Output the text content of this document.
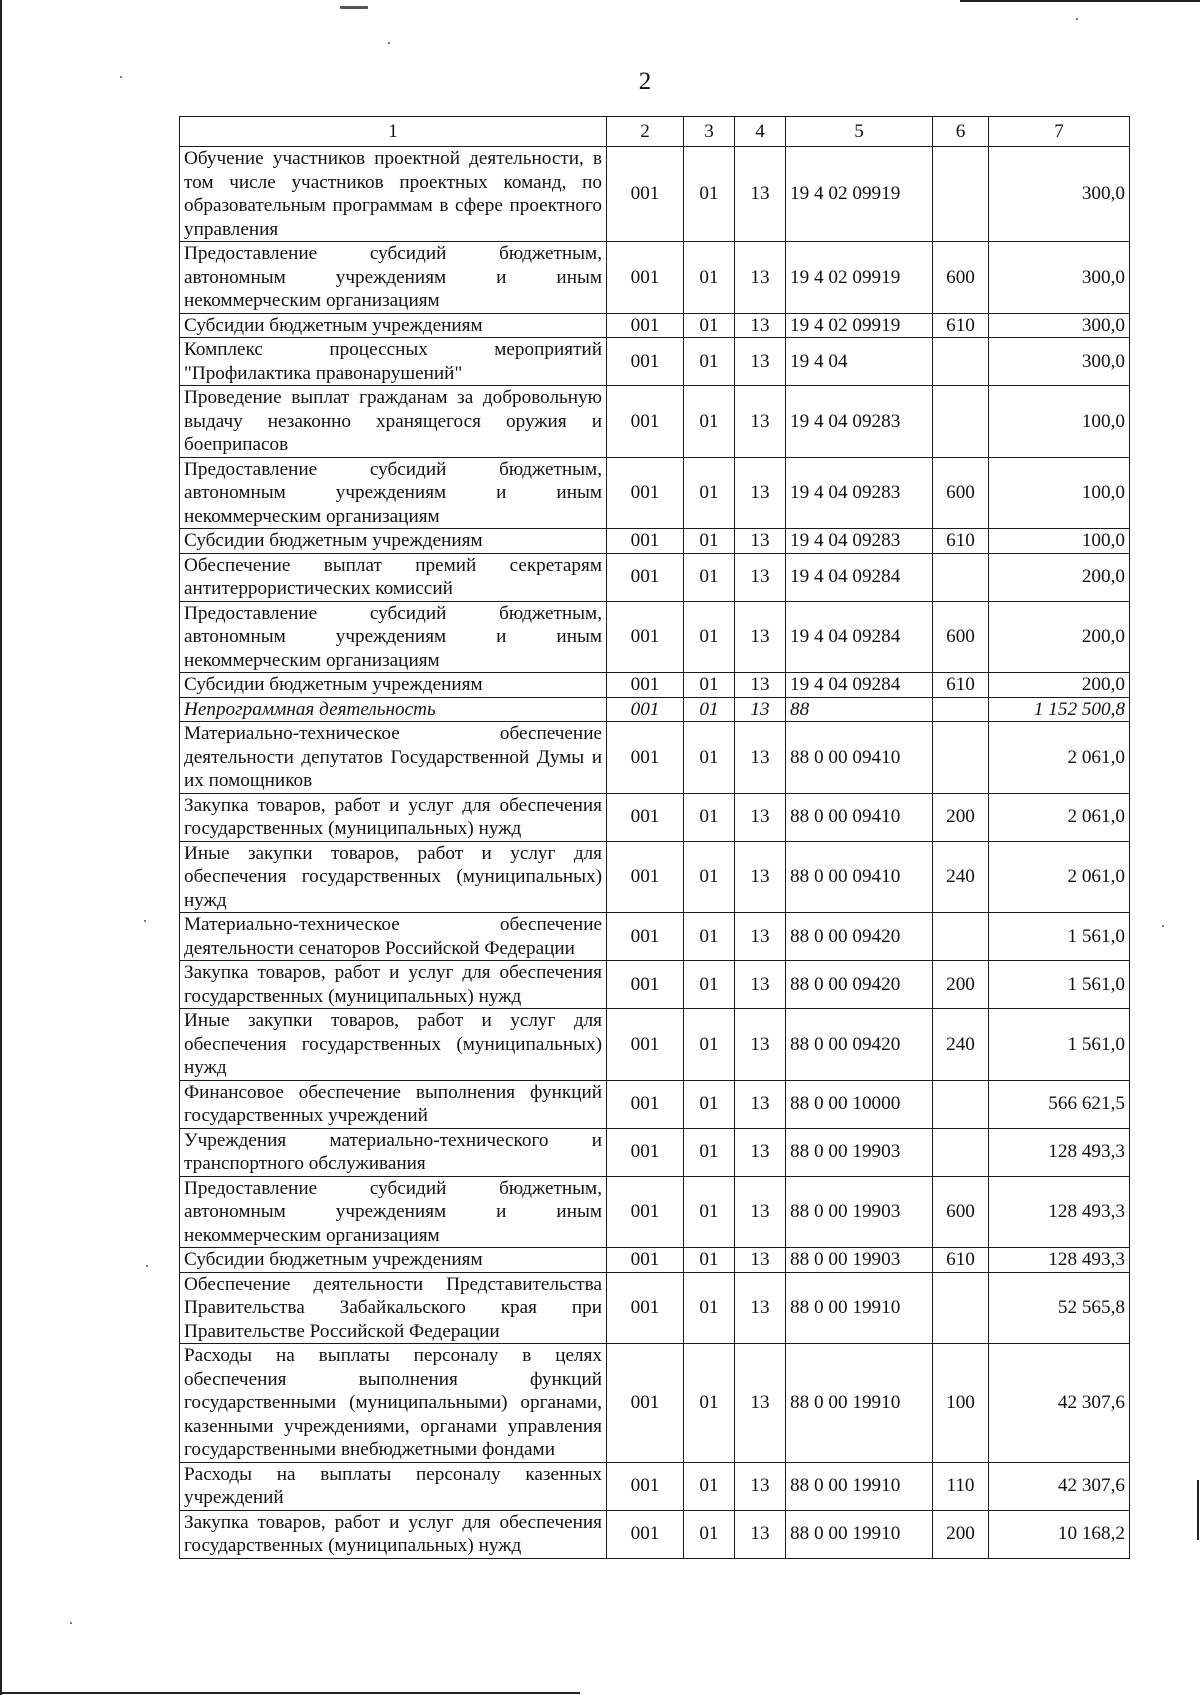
2
1	2	3	4	5	6	7
Обучение участников проектной деятельности, в том числе участников проектных команд, по образовательным программам в сфере проектного управления	001	01	13	19 4 02 09919		300,0
Предоставление субсидий бюджетным, автономным учреждениям и иным некоммерческим организациям	001	01	13	19 4 02 09919	600	300,0
Субсидии бюджетным учреждениям	001	01	13	19 4 02 09919	610	300,0
Комплекс процессных мероприятий "Профилактика правонарушений"	001	01	13	19 4 04		300,0
Проведение выплат гражданам за добровольную выдачу незаконно хранящегося оружия и боеприпасов	001	01	13	19 4 04 09283		100,0
Предоставление субсидий бюджетным, автономным учреждениям и иным некоммерческим организациям	001	01	13	19 4 04 09283	600	100,0
Субсидии бюджетным учреждениям	001	01	13	19 4 04 09283	610	100,0
Обеспечение выплат премий секретарям антитеррористических комиссий	001	01	13	19 4 04 09284		200,0
Предоставление субсидий бюджетным, автономным учреждениям и иным некоммерческим организациям	001	01	13	19 4 04 09284	600	200,0
Субсидии бюджетным учреждениям	001	01	13	19 4 04 09284	610	200,0
Непрограммная деятельность	001	01	13	88		1 152 500,8
Материально-техническое обеспечение деятельности депутатов Государственной Думы и их помощников	001	01	13	88 0 00 09410		2 061,0
Закупка товаров, работ и услуг для обеспечения государственных (муниципальных) нужд	001	01	13	88 0 00 09410	200	2 061,0
Иные закупки товаров, работ и услуг для обеспечения государственных (муниципальных) нужд	001	01	13	88 0 00 09410	240	2 061,0
Материально-техническое обеспечение деятельности сенаторов Российской Федерации	001	01	13	88 0 00 09420		1 561,0
Закупка товаров, работ и услуг для обеспечения государственных (муниципальных) нужд	001	01	13	88 0 00 09420	200	1 561,0
Иные закупки товаров, работ и услуг для обеспечения государственных (муниципальных) нужд	001	01	13	88 0 00 09420	240	1 561,0
Финансовое обеспечение выполнения функций государственных учреждений	001	01	13	88 0 00 10000		566 621,5
Учреждения материально-технического и транспортного обслуживания	001	01	13	88 0 00 19903		128 493,3
Предоставление субсидий бюджетным, автономным учреждениям и иным некоммерческим организациям	001	01	13	88 0 00 19903	600	128 493,3
Субсидии бюджетным учреждениям	001	01	13	88 0 00 19903	610	128 493,3
Обеспечение деятельности Представительства Правительства Забайкальского края при Правительстве Российской Федерации	001	01	13	88 0 00 19910		52 565,8
Расходы на выплаты персоналу в целях обеспечения выполнения функций государственными (муниципальными) органами, казенными учреждениями, органами управления государственными внебюджетными фондами	001	01	13	88 0 00 19910	100	42 307,6
Расходы на выплаты персоналу казенных учреждений	001	01	13	88 0 00 19910	110	42 307,6
Закупка товаров, работ и услуг для обеспечения государственных (муниципальных) нужд	001	01	13	88 0 00 19910	200	10 168,2
